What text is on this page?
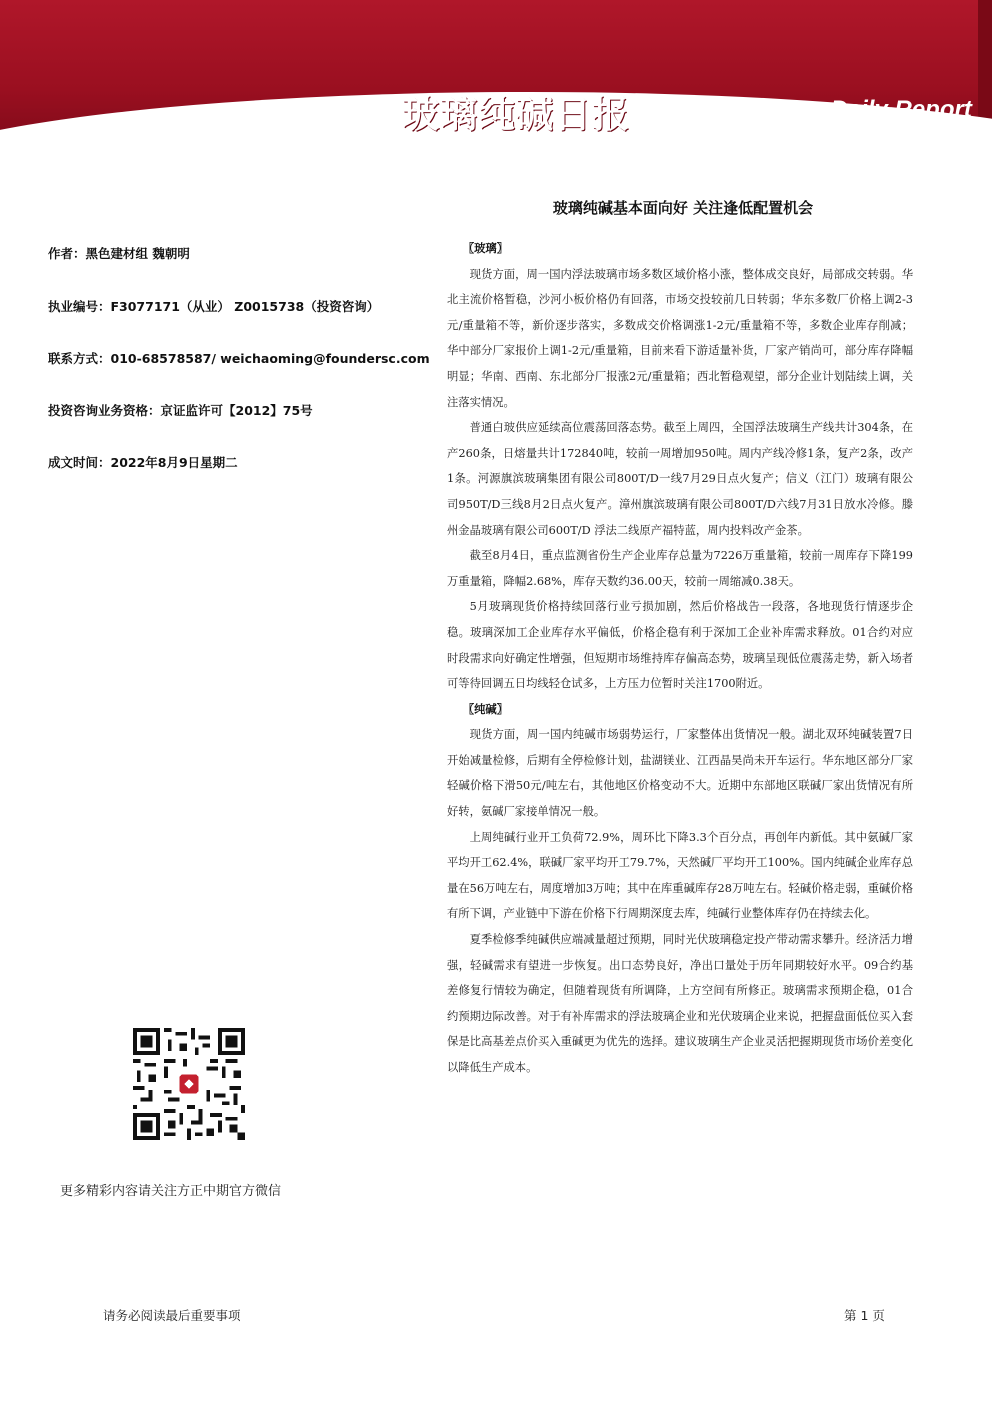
玻璃纯碱日报 FG&SA Futures Daily Report
玻璃纯碱基本面向好 关注逢低配置机会
作者：黑色建材组 魏朝明
执业编号：F3077171（从业） Z0015738（投资咨询）
联系方式：010-68578587/ weichaoming@foundersc.com
投资咨询业务资格：京证监许可【2012】75号
成文时间：2022年8月9日星期二
更多精彩内容请关注方正中期官方微信
〖玻璃〗

现货方面，周一国内浮法玻璃市场多数区域价格小涨，整体成交良好，局部成交转弱。华北主流价格暂稳，沙河小板价格仍有回落，市场交投较前几日转弱；华东多数厂价格上调2-3元/重量箱不等，新价逐步落实，多数成交价格调涨1-2元/重量箱不等，多数企业库存削减；华中部分厂家报价上调1-2元/重量箱，目前来看下游适量补货，厂家产销尚可，部分库存降幅明显；华南、西南、东北部分厂报涨2元/重量箱；西北暂稳观望，部分企业计划陆续上调，关注落实情况。

普通白玻供应延续高位震荡回落态势。截至上周四，全国浮法玻璃生产线共计304条，在产260条，日熔量共计172840吨，较前一周增加950吨。周内产线冷修1条，复产2条，改产1条。河源旗滨玻璃集团有限公司800T/D一线7月29日点火复产；信义（江门）玻璃有限公司950T/D三线8月2日点火复产。漳州旗滨玻璃有限公司800T/D六线7月31日放水冷修。滕州金晶玻璃有限公司600T/D 浮法二线原产福特蓝，周内投料改产金茶。

截至8月4日，重点监测省份生产企业库存总量为7226万重量箱，较前一周库存下降199万重量箱，降幅2.68%，库存天数约36.00天，较前一周缩减0.38天。

5月玻璃现货价格持续回落行业亏损加剧，然后价格战告一段落，各地现货行情逐步企稳。玻璃深加工企业库存水平偏低，价格企稳有利于深加工企业补库需求释放。01合约对应时段需求向好确定性增强，但短期市场维持库存偏高态势，玻璃呈现低位震荡走势，新入场者可等待回调五日均线轻仓试多，上方压力位暂时关注1700附近。

〖纯碱〗

现货方面，周一国内纯碱市场弱势运行，厂家整体出货情况一般。湖北双环纯碱装置7日开始减量检修，后期有全停检修计划，盐湖镁业、江西晶昊尚未开车运行。华东地区部分厂家轻碱价格下滑50元/吨左右，其他地区价格变动不大。近期中东部地区联碱厂家出货情况有所好转，氨碱厂家接单情况一般。

上周纯碱行业开工负荷72.9%，周环比下降3.3个百分点，再创年内新低。其中氨碱厂家平均开工62.4%，联碱厂家平均开工79.7%，天然碱厂平均开工100%。国内纯碱企业库存总量在56万吨左右，周度增加3万吨；其中在库重碱库存28万吨左右。轻碱价格走弱，重碱价格有所下调，产业链中下游在价格下行周期深度去库，纯碱行业整体库存仍在持续去化。

夏季检修季纯碱供应端减量超过预期，同时光伏玻璃稳定投产带动需求攀升。经济活力增强，轻碱需求有望进一步恢复。出口态势良好，净出口量处于历年同期较好水平。09合约基差修复行情较为确定，但随着现货有所调降，上方空间有所修正。玻璃需求预期企稳，01合约预期边际改善。对于有补库需求的浮法玻璃企业和光伏玻璃企业来说，把握盘面低位买入套保是比高基差点价买入重碱更为优先的选择。建议玻璃生产企业灵活把握期现货市场价差变化以降低生产成本。

请务必阅读最后重要事项	第 1 页
